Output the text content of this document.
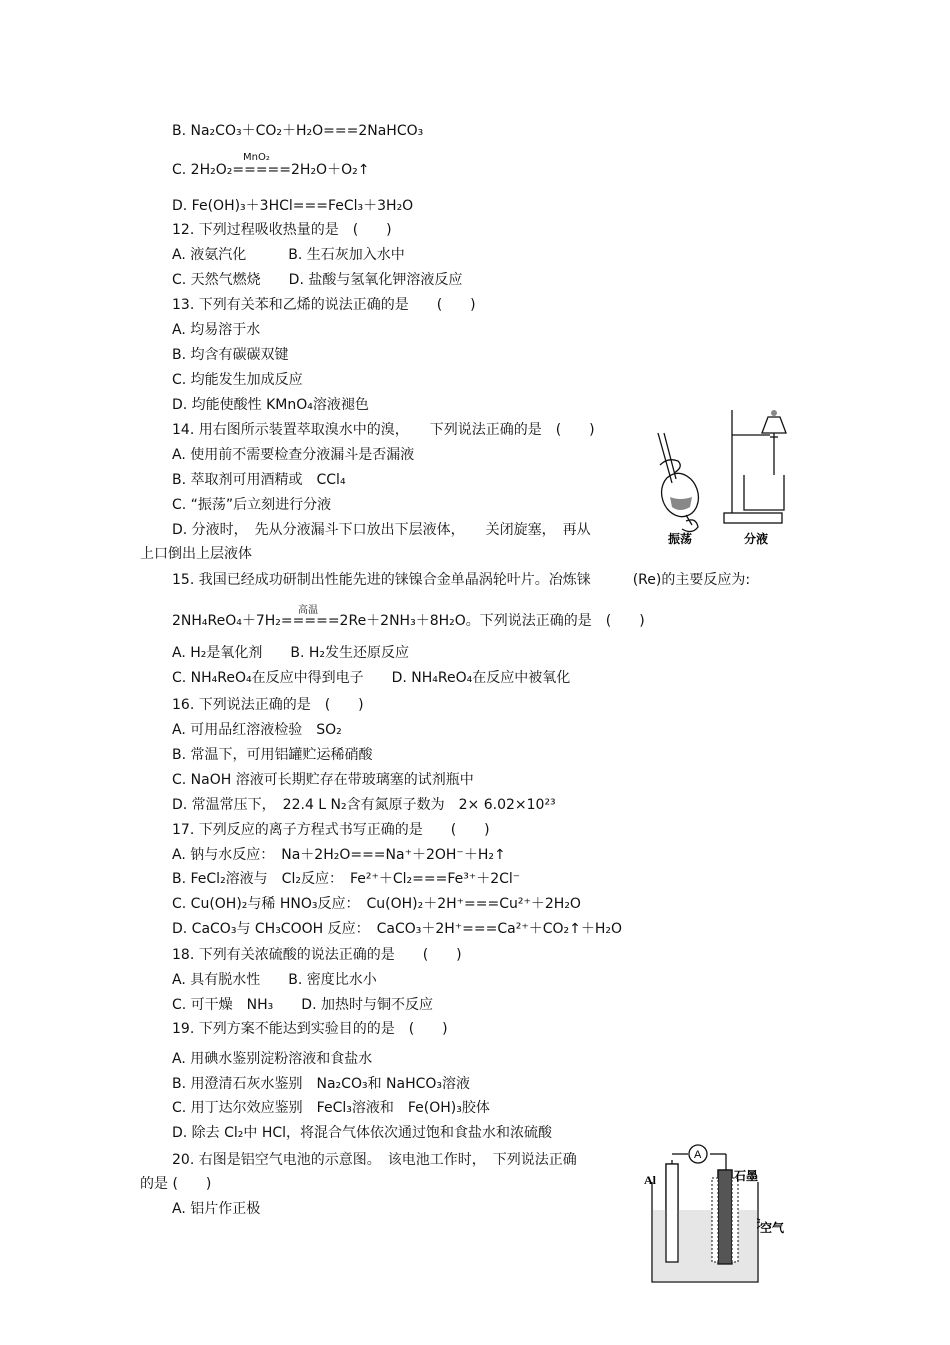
B. Na₂CO₃＋CO₂＋H₂O===2NaHCO₃
MnO₂
C. 2H₂O₂=====2H₂O＋O₂↑
D. Fe(OH)₃＋3HCl===FeCl₃＋3H₂O
12. 下列过程吸收热量的是　(　　)
A. 液氨汽化　　　B. 生石灰加入水中
C. 天然气燃烧　　D. 盐酸与氢氧化钾溶液反应
13. 下列有关苯和乙烯的说法正确的是　　(　　)
A. 均易溶于水
B. 均含有碳碳双键
C. 均能发生加成反应
D. 均能使酸性 KMnO₄溶液褪色
14. 用右图所示装置萃取溴水中的溴，　　下列说法正确的是　(　　)
A. 使用前不需要检查分液漏斗是否漏液
B. 萃取剂可用酒精或　CCl₄
C. “振荡”后立刻进行分液
D. 分液时，　先从分液漏斗下口放出下层液体，　　关闭旋塞，　再从
上口倒出上层液体
振荡	分液
15. 我国已经成功研制出性能先进的铼镍合金单晶涡轮叶片。冶炼铼　　　(Re)的主要反应为:
高温
2NH₄ReO₄＋7H₂=====2Re＋2NH₃＋8H₂O。下列说法正确的是　(　　)
A. H₂是氧化剂　　B. H₂发生还原反应
C. NH₄ReO₄在反应中得到电子　　D. NH₄ReO₄在反应中被氧化
16. 下列说法正确的是　(　　)
A. 可用品红溶液检验　SO₂
B. 常温下，可用铝罐贮运稀硝酸
C. NaOH 溶液可长期贮存在带玻璃塞的试剂瓶中
D. 常温常压下，　22.4 L N₂含有氮原子数为　2× 6.02×10²³
17. 下列反应的离子方程式书写正确的是　　(　　)
A. 钠与水反应：　Na＋2H₂O===Na⁺＋2OH⁻＋H₂↑
B. FeCl₂溶液与　Cl₂反应：　Fe²⁺＋Cl₂===Fe³⁺＋2Cl⁻
C. Cu(OH)₂与稀 HNO₃反应：　Cu(OH)₂＋2H⁺===Cu²⁺＋2H₂O
D. CaCO₃与 CH₃COOH 反应：　CaCO₃＋2H⁺===Ca²⁺＋CO₂↑＋H₂O
18. 下列有关浓硫酸的说法正确的是　　(　　)
A. 具有脱水性　　B. 密度比水小
C. 可干燥　NH₃　　D. 加热时与铜不反应
19. 下列方案不能达到实验目的的是　(　　)
A. 用碘水鉴别淀粉溶液和食盐水
B. 用澄清石灰水鉴别　Na₂CO₃和 NaHCO₃溶液
C. 用丁达尔效应鉴别　FeCl₃溶液和　Fe(OH)₃胶体
D. 除去 Cl₂中 HCl，将混合气体依次通过饱和食盐水和浓硫酸
20. 右图是铝空气电池的示意图。　该电池工作时，　下列说法正确
的是 (　　)
A. 铝片作正极
Al
A
石墨
空气
